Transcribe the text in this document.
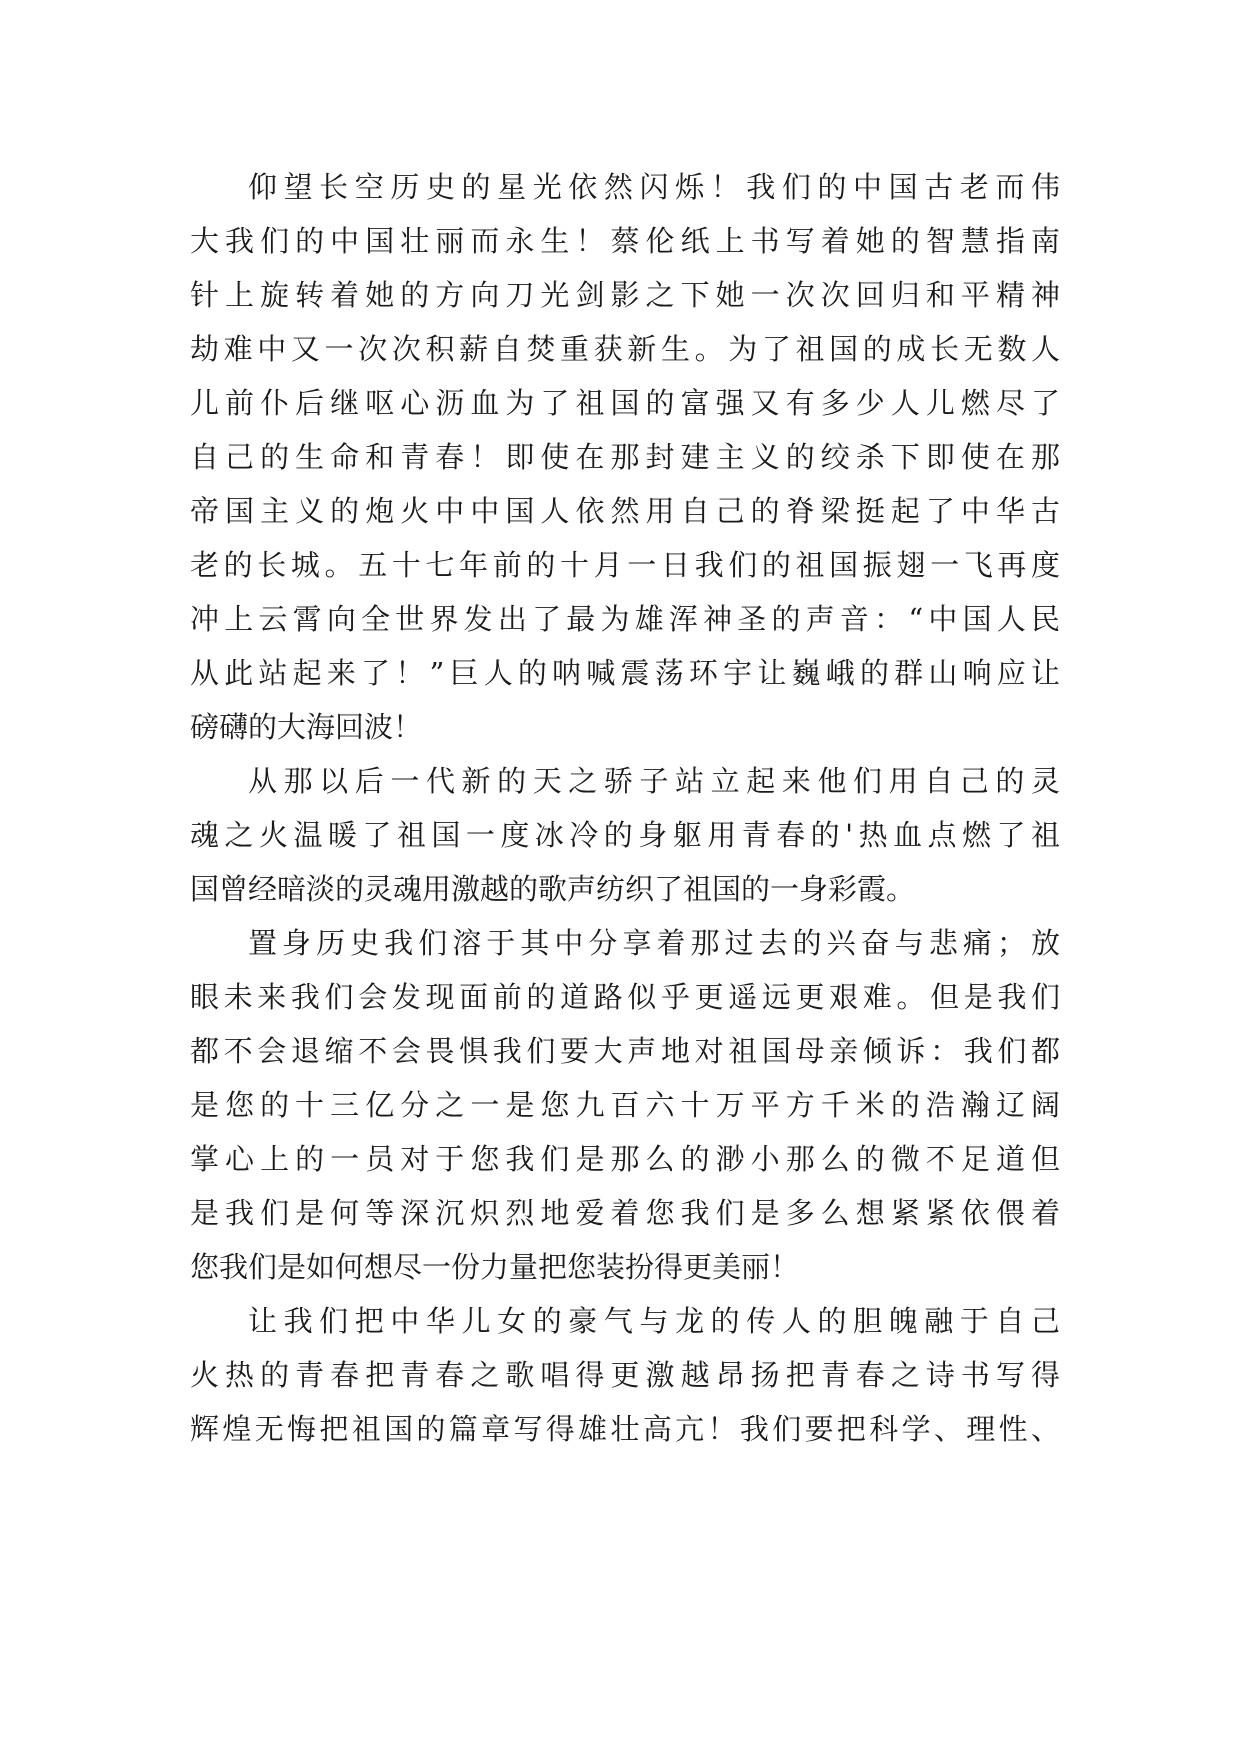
仰望长空历史的星光依然闪烁！我们的中国古老而伟
大我们的中国壮丽而永生！蔡伦纸上书写着她的智慧指南
针上旋转着她的方向刀光剑影之下她一次次回归和平精神
劫难中又一次次积薪自焚重获新生。为了祖国的成长无数人
儿前仆后继呕心沥血为了祖国的富强又有多少人儿燃尽了
自己的生命和青春！即使在那封建主义的绞杀下即使在那
帝国主义的炮火中中国人依然用自己的脊梁挺起了中华古
老的长城。五十七年前的十月一日我们的祖国振翅一飞再度
冲上云霄向全世界发出了最为雄浑神圣的声音：“中国人民
从此站起来了！”巨人的呐喊震荡环宇让巍峨的群山响应让
磅礴的大海回波！
从那以后一代新的天之骄子站立起来他们用自己的灵
魂之火温暖了祖国一度冰冷的身躯用青春的'热血点燃了祖
国曾经暗淡的灵魂用激越的歌声纺织了祖国的一身彩霞。
置身历史我们溶于其中分享着那过去的兴奋与悲痛；放
眼未来我们会发现面前的道路似乎更遥远更艰难。但是我们
都不会退缩不会畏惧我们要大声地对祖国母亲倾诉：我们都
是您的十三亿分之一是您九百六十万平方千米的浩瀚辽阔
掌心上的一员对于您我们是那么的渺小那么的微不足道但
是我们是何等深沉炽烈地爱着您我们是多么想紧紧依偎着
您我们是如何想尽一份力量把您装扮得更美丽！
让我们把中华儿女的豪气与龙的传人的胆魄融于自己
火热的青春把青春之歌唱得更激越昂扬把青春之诗书写得
辉煌无悔把祖国的篇章写得雄壮高亢！我们要把科学、理性、
